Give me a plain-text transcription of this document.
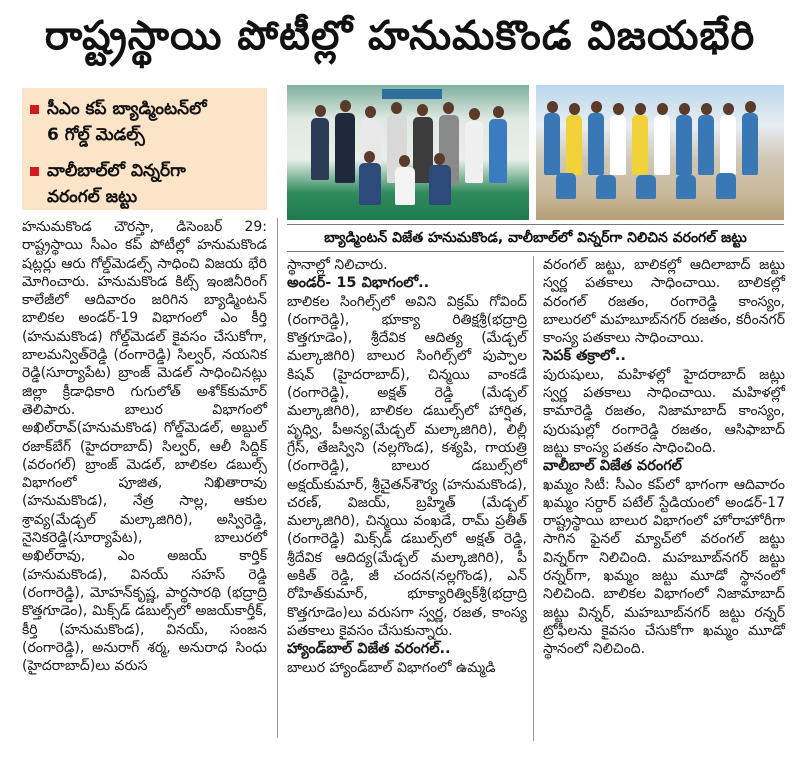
రాష్ట్రస్థాయి పోటీల్లో హనుమకొండ విజయభేరి
సీఎం కప్ బ్యాడ్మింటన్‌లో
6 గోల్డ్ మెడల్స్
వాలీబాల్‌లో విన్నర్‌గా
వరంగల్ జట్టు
బ్యాడ్మింటన్ విజేత హనుమకొండ, వాలీబాల్‌లో విన్నర్‌గా నిలిచిన వరంగల్ జట్టు

హనుమకొండ చౌరస్తా, డిసెంబర్ 29: రాష్ట్రస్థాయి సీఎం కప్ పోటీల్లో హనుమకొండ షట్లర్లు ఆరు గోల్డ్‌మెడల్స్ సాధించి విజయ భేరి మోగించారు. హనుమకొండ కిట్స్ ఇంజినీరింగ్ కాలేజీలో ఆదివారం జరిగిన బ్యాడ్మింటన్ బాలికల అండర్-19 విభాగంలో ఎం కీర్తి (హనుమకొండ) గోల్డ్‌మెడల్ కైవసం చేసుకోగా, బాలమన్విత్‌రెడ్డి (రంగారెడ్డి) సిల్వర్, నయనిక రెడ్డి(సూర్యాపేట) బ్రాంజ్ మెడల్ సాధించినట్లు జిల్లా క్రీడాధికారి గుగులోత్ అశోక్‌కుమార్ తెలిపారు. బాలుర విభాగంలో అఖిల్‌రావ్(హనుమకొండ) గోల్డ్‌మెడల్, అబ్దుల్ రజాక్‌బేగ్ (హైదరాబాద్) సిల్వర్, ఆలీ సిద్దిక్ (వరంగల్) బ్రాంజ్ మెడల్, బాలికల డబుల్స్ విభాగంలో పూజిత, నిఖితారావు (హనుమకొండ), నేత్ర సాల్ల, ఆకుల శ్రావ్య(మేడ్చల్ మల్కాజిగిరి), అస్విరెడ్డి, నైనికరెడ్డి(సూర్యాపేట), బాలురలో అఖిల్‌రావు, ఎం అజయ్ కార్తిక్ (హనుమకొండ), వినయ్ సహస్ రెడ్డి (రంగారెడ్డి), మోహన్‌కృష్ణ, పార్థసారథి (భద్రాద్రి కొత్తగూడెం), మిక్స్‌డ్ డబుల్స్‌లో అజయ్‌కార్తీక్, కీర్తి (హనుమకొండ), వినయ్, సంజన (రంగారెడ్డి), అనురాగ్ శర్మ, అనురాధ సింధు (హైదరాబాద్)లు వరుస

స్థానాల్లో నిలిచారు.

అండర్- 15 విభాగంలో..

బాలికల సింగిల్స్‌లో అవిని విక్రమ్ గోవింద్ (రంగారెడ్డి), భూక్యా రితిక్షశ్రీ(భద్రాద్రి కొత్తగూడెం), శ్రీదేవిక ఆదిత్య (మేడ్చల్ మల్కాజిగిరి) బాలుర సింగిల్స్‌లో పుప్పాల కిషవ్ (హైదరాబాద్), చిన్మయి వాంకడే (రంగారెడ్డి), అక్షత్ రెడ్డి (మేడ్చల్ మల్కాజిగిరి), బాలికల డబుల్స్‌లో హార్షిత, పృధ్వి, పీఅన్య(మేడ్చల్ మల్కాజిగిరి), లిల్లీ గ్రేస్, తేజస్విని (నల్లగొండ), కశ్యపి, గాయత్రి (రంగారెడ్డి), బాలుర డబుల్స్‌లో అక్షయ్‌కుమార్, శ్రీచైతన్‌శౌర్య (హనుమకొండ), చరణ్, విజయ్, బ్రహ్మిత్ (మేడ్చల్ మల్కాజిగిరి), చిన్మయి వంఖడే, రామ్ ప్రతీత్ (రంగారెడ్డి) మిక్స్‌డ్ డబుల్స్‌లో అక్షత్ రెడ్డి, శ్రీదేవిక ఆదిద్య(మేడ్చల్ మల్కాజిగిరి), పీ అకిత్ రెడ్డి, జీ చందన(నల్లగొండ), ఎన్ రోహిత్‌కుమార్, భూక్యారిత్విక్‌శ్రీ(భద్రాద్రి కొత్తగూడెం)లు వరుసగా స్వర్ణ, రజత, కాంస్య పతకాలు కైవసం చేసుకున్నారు.

హ్యాండ్‌బాల్ విజేత వరంగల్..

బాలుర హ్యాండ్‌బాల్ విభాగంలో ఉమ్మడి

వరంగల్ జట్టు, బాలికల్లో ఆదిలాబాద్ జట్టు స్వర్ణ పతకాలు సాధించాయి. బాలికల్లో వరంగల్ రజతం, రంగారెడ్డి కాంస్యం, బాలురలో మహబూబ్‌నగర్ రజతం, కరీంనగర్ కాంస్య పతకాలు సాధించాయి.

సెపక్ తక్రాలో..

పురుషులు, మహిళల్లో హైదరాబాద్ జట్లు స్వర్ణ పతకాలు సాధించాయి. మహిళల్లో కామారెడ్డి రజతం, నిజామాబాద్ కాంస్యం, పురుషుల్లో రంగారెడ్డి రజతం, ఆసిఫాబాద్ జట్టు కాంస్య పతకం సాధించింది.

వాలీబాల్ విజేత వరంగల్

ఖమ్మం సిటీ: సీఎం కప్‌లో భాగంగా ఆదివారం ఖమ్మం సర్దార్ పటేల్ స్టేడియంలో అండర్-17 రాష్ట్రస్థాయి బాలుర విభాగంలో హోరాహోరీగా సాగిన ఫైనల్ మ్యాచ్‌లో వరంగల్ జట్టు విన్నర్‌గా నిలిచింది. మహబూబ్‌నగర్ జట్టు రన్నర్‌గా, ఖమ్మం జట్టు మూడో స్థానంలో నిలిచింది. బాలికల విభాగంలో నిజామాబాద్ జట్టు విన్నర్, మహబూబ్‌నగర్ జట్టు రన్నర్ ట్రోఫీలను కైవసం చేసుకోగా ఖమ్మం మూడో స్థానంలో నిలిచింది.
